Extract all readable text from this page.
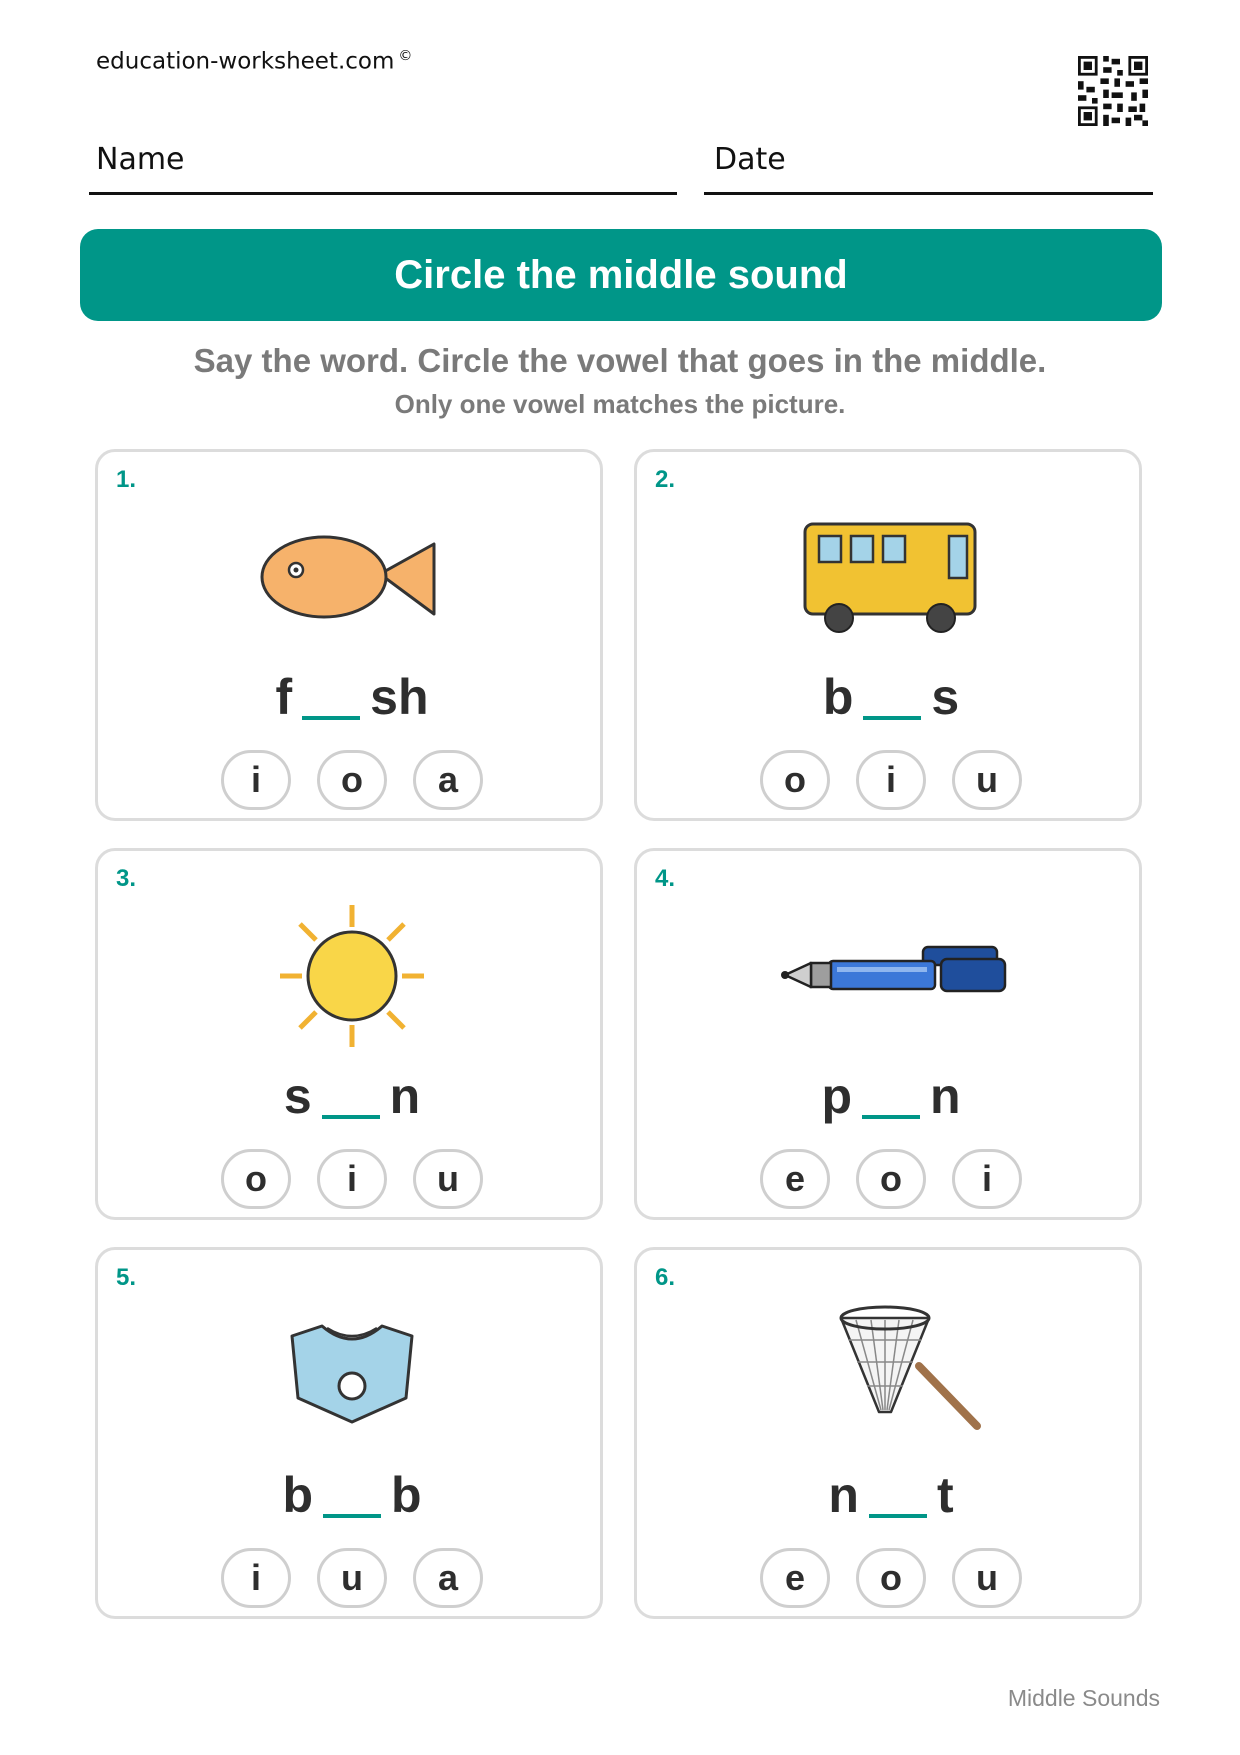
education-worksheet.com ©
Name	Date
Circle the middle sound
Say the word. Circle the vowel that goes in the middle.
Only one vowel matches the picture.
1.
f sh
i	o	a
2.
b s
o	i	u
3.
s n
o	i	u
4.
p n
e	o	i
5.
b b
i	u	a
6.
n t
e	o	u
Middle Sounds
